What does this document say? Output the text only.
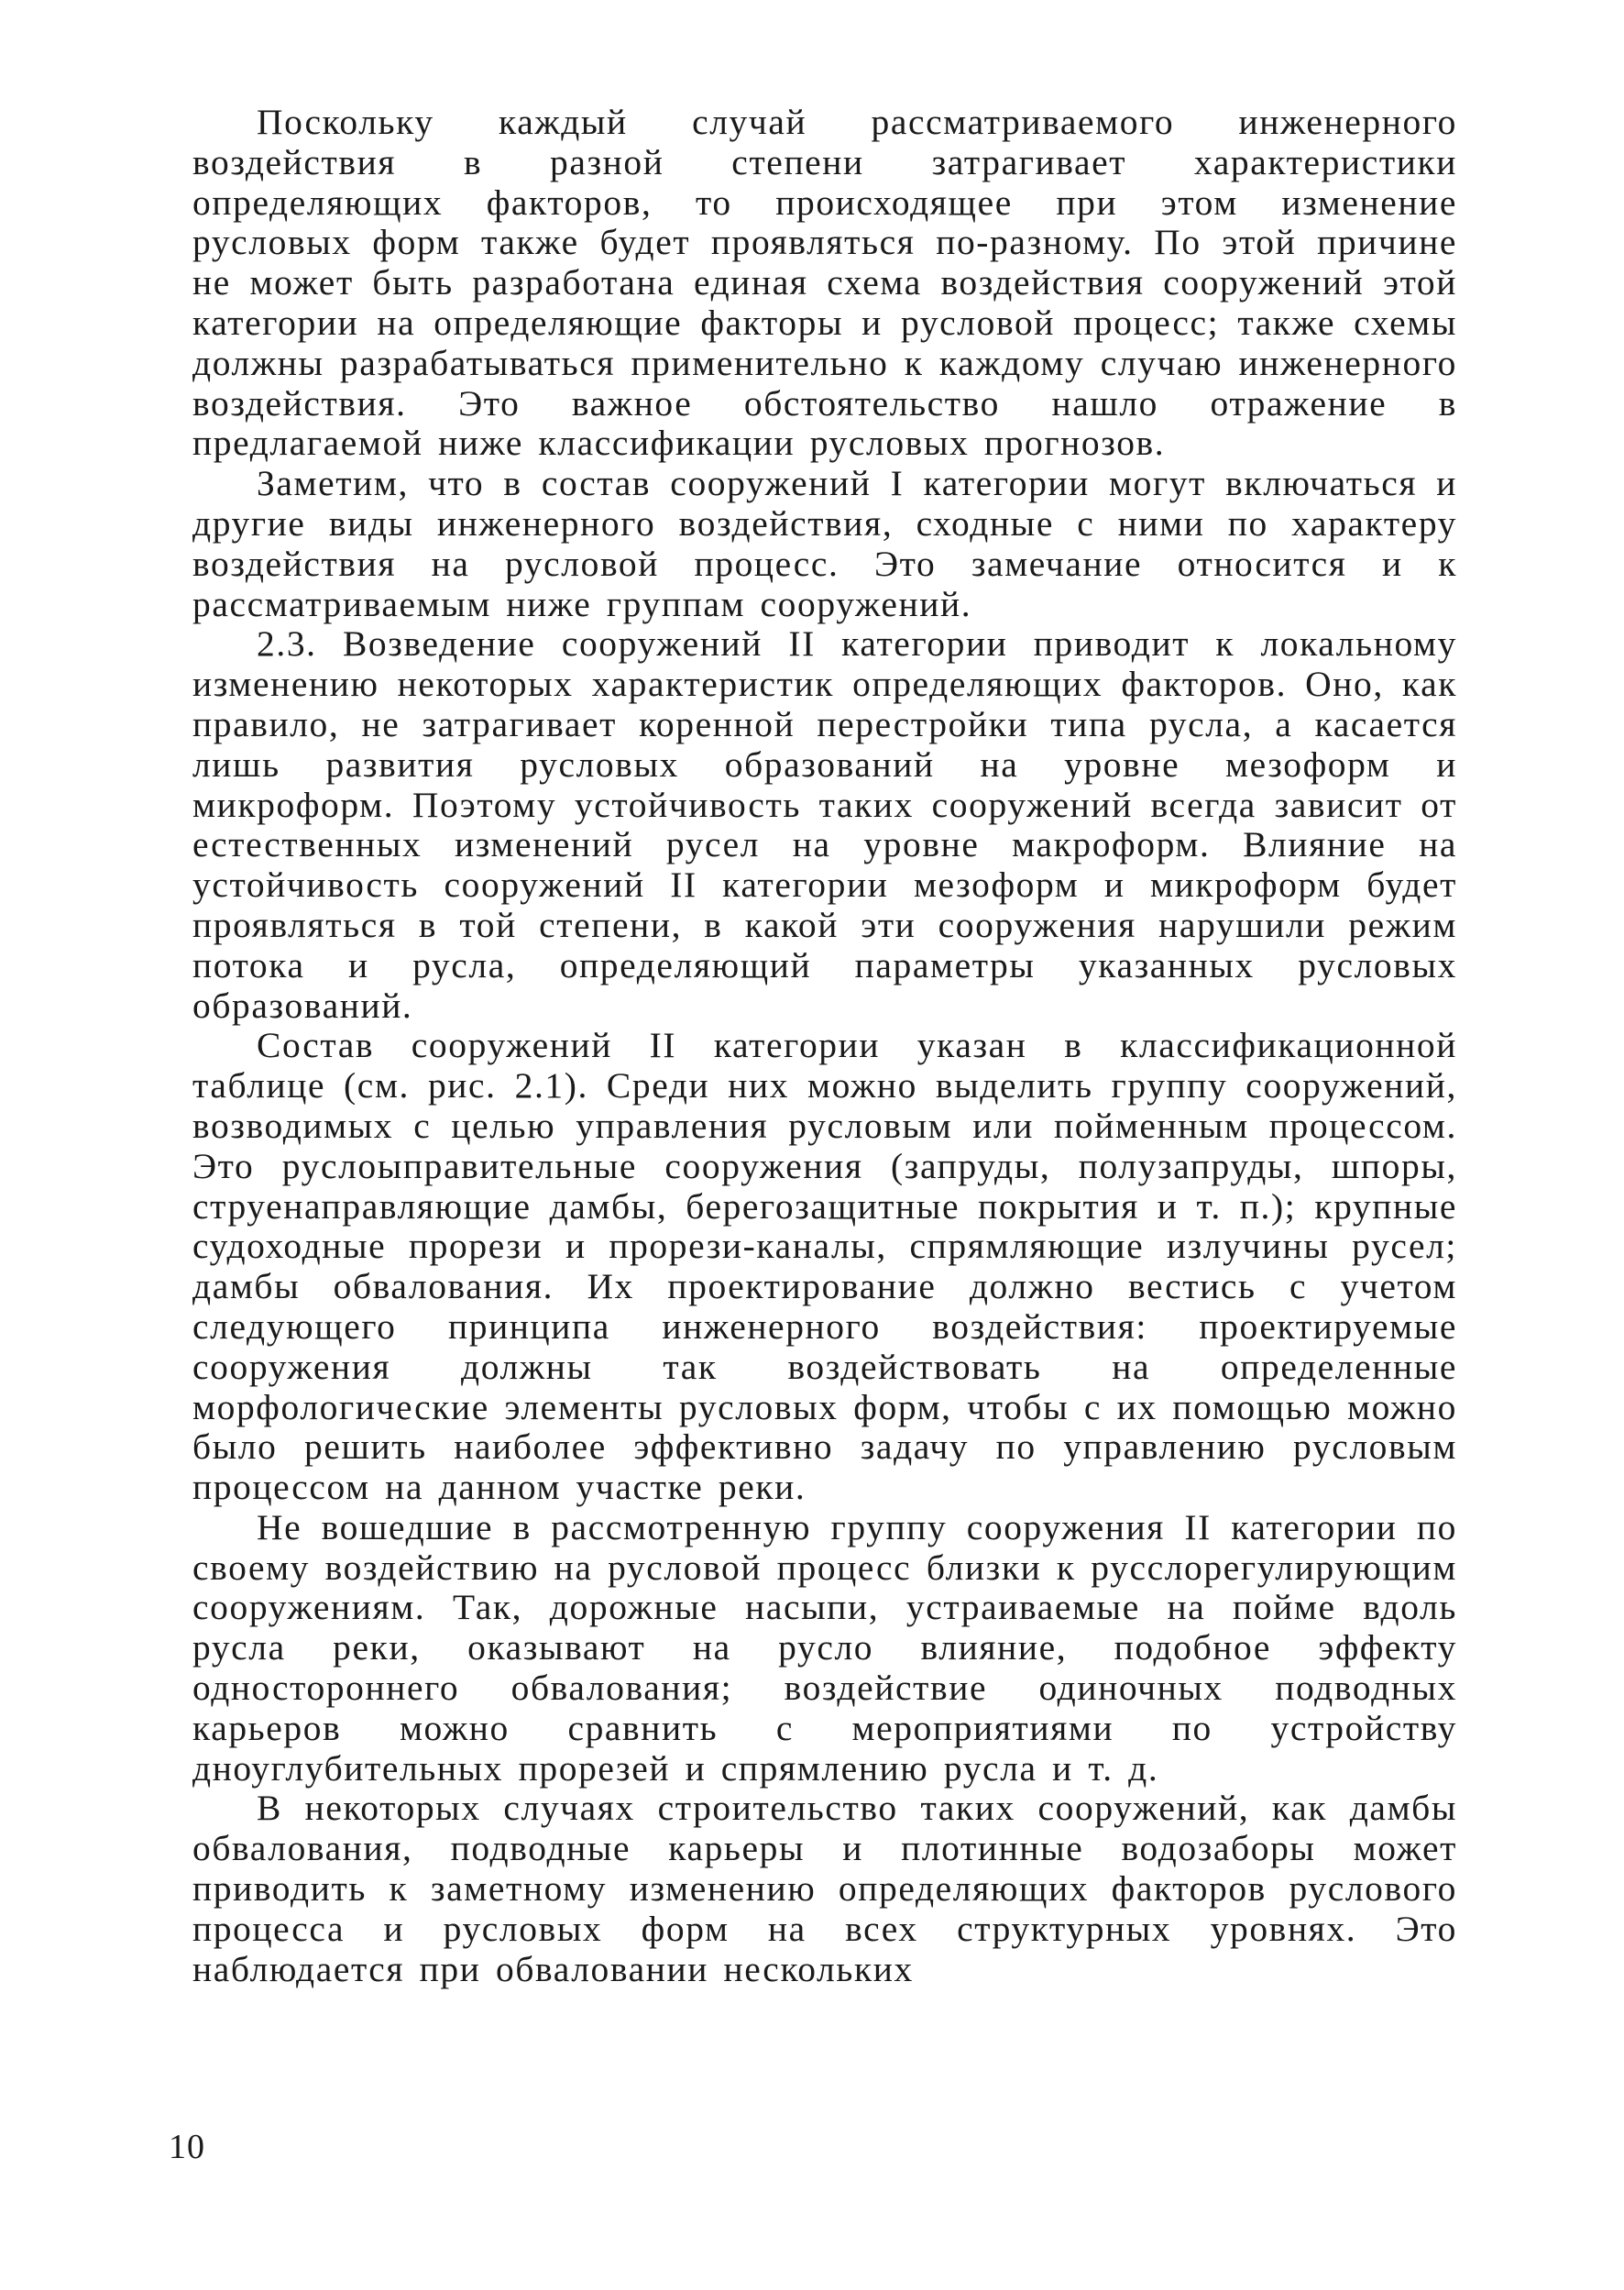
Поскольку каждый случай рассматриваемого инженерного воздействия в разной степени затрагивает характеристики определяющих факторов, то происходящее при этом изменение русловых форм также будет проявляться по-разному. По этой причине не может быть разработана единая схема воздействия сооружений этой категории на определяющие факторы и русловой процесс; также схемы должны разрабатываться применительно к каждому случаю инженерного воздействия. Это важное обстоятельство нашло отражение в предлагаемой ниже классификации русловых прогнозов.

Заметим, что в состав сооружений I категории могут включаться и другие виды инженерного воздействия, сходные с ними по характеру воздействия на русловой процесс. Это замечание относится и к рассматриваемым ниже группам сооружений.

2.3. Возведение сооружений II категории приводит к локальному изменению некоторых характеристик определяющих факторов. Оно, как правило, не затрагивает коренной перестройки типа русла, а касается лишь развития русловых образований на уровне мезоформ и микроформ. Поэтому устойчивость таких сооружений всегда зависит от естественных изменений русел на уровне макроформ. Влияние на устойчивость сооружений II категории мезоформ и микроформ будет проявляться в той степени, в какой эти сооружения нарушили режим потока и русла, определяющий параметры указанных русловых образований.

Состав сооружений II категории указан в классификационной таблице (см. рис. 2.1). Среди них можно выделить группу сооружений, возводимых с целью управления русловым или пойменным процессом. Это руслоыправительные сооружения (запруды, полузапруды, шпоры, струенаправляющие дамбы, берегозащитные покрытия и т. п.); крупные судоходные прорези и прорези-каналы, спрямляющие излучины русел; дамбы обвалования. Их проектирование должно вестись с учетом следующего принципа инженерного воздействия: проектируемые сооружения должны так воздействовать на определенные морфологические элементы русловых форм, чтобы с их помощью можно было решить наиболее эффективно задачу по управлению русловым процессом на данном участке реки.

Не вошедшие в рассмотренную группу сооружения II категории по своему воздействию на русловой процесс близки к русслорегулирующим сооружениям. Так, дорожные насыпи, устраиваемые на пойме вдоль русла реки, оказывают на русло влияние, подобное эффекту одностороннего обвалования; воздействие одиночных подводных карьеров можно сравнить с мероприятиями по устройству дноуглубительных прорезей и спрямлению русла и т. д.

В некоторых случаях строительство таких сооружений, как дамбы обвалования, подводные карьеры и плотинные водозаборы может приводить к заметному изменению определяющих факторов руслового процесса и русловых форм на всех структурных уровнях. Это наблюдается при обваловании нескольких

10
